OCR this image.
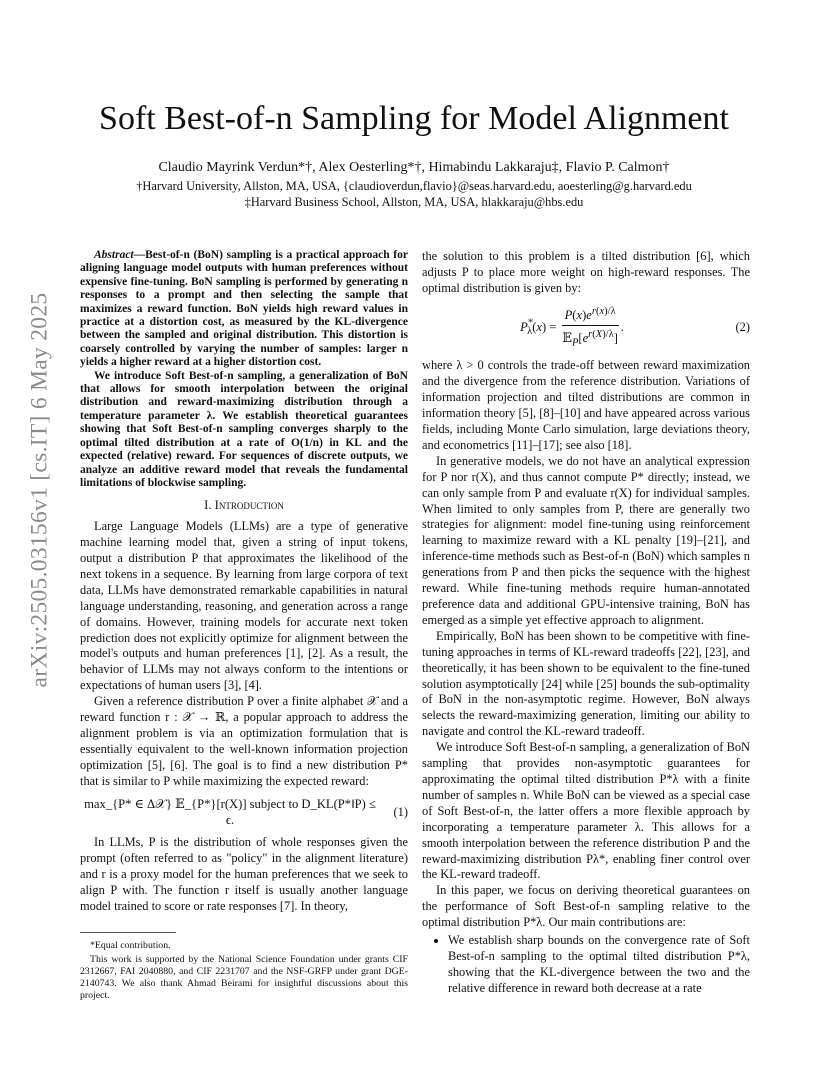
arXiv:2505.03156v1 [cs.IT] 6 May 2025
Soft Best-of-n Sampling for Model Alignment
Claudio Mayrink Verdun*†, Alex Oesterling*†, Himabindu Lakkaraju‡, Flavio P. Calmon†
†Harvard University, Allston, MA, USA, {claudioverdun,flavio}@seas.harvard.edu, aoesterling@g.harvard.edu
‡Harvard Business School, Allston, MA, USA, hlakkaraju@hbs.edu

Abstract—Best-of-n (BoN) sampling is a practical approach for aligning language model outputs with human preferences without expensive fine-tuning. BoN sampling is performed by generating n responses to a prompt and then selecting the sample that maximizes a reward function. BoN yields high reward values in practice at a distortion cost, as measured by the KL-divergence between the sampled and original distribution. This distortion is coarsely controlled by varying the number of samples: larger n yields a higher reward at a higher distortion cost.

We introduce Soft Best-of-n sampling, a generalization of BoN that allows for smooth interpolation between the original distribution and reward-maximizing distribution through a temperature parameter λ. We establish theoretical guarantees showing that Soft Best-of-n sampling converges sharply to the optimal tilted distribution at a rate of O(1/n) in KL and the expected (relative) reward. For sequences of discrete outputs, we analyze an additive reward model that reveals the fundamental limitations of blockwise sampling.

I. Introduction

Large Language Models (LLMs) are a type of generative machine learning model that, given a string of input tokens, output a distribution P that approximates the likelihood of the next tokens in a sequence. By learning from large corpora of text data, LLMs have demonstrated remarkable capabilities in natural language understanding, reasoning, and generation across a range of domains. However, training models for accurate next token prediction does not explicitly optimize for alignment between the model's outputs and human preferences [1], [2]. As a result, the behavior of LLMs may not always conform to the intentions or expectations of human users [3], [4].

Given a reference distribution P over a finite alphabet 𝒳 and a reward function r : 𝒳 → ℝ, a popular approach to address the alignment problem is via an optimization formulation that is essentially equivalent to the well-known information projection optimization [5], [6]. The goal is to find a new distribution P* that is similar to P while maximizing the expected reward:

max_{P* ∈ Δ𝒳} 𝔼_{P*}[r(X)] subject to D_KL(P*‖P) ≤ ϵ.
(1)

In LLMs, P is the distribution of whole responses given the prompt (often referred to as "policy" in the alignment literature) and r is a proxy model for the human preferences that we seek to align P with. The function r itself is usually another language model trained to score or rate responses [7]. In theory,

the solution to this problem is a tilted distribution [6], which adjusts P to place more weight on high-reward responses. The optimal distribution is given by:

$P^*_\lambda(x) = \frac{P(x)e^{r(x)/\lambda}}{𝔼_P[e^{r(X)/\lambda}]}$ .	(2)

where λ > 0 controls the trade-off between reward maximization and the divergence from the reference distribution. Variations of information projection and tilted distributions are common in information theory [5], [8]–[10] and have appeared across various fields, including Monte Carlo simulation, large deviations theory, and econometrics [11]–[17]; see also [18].

In generative models, we do not have an analytical expression for P nor r(X), and thus cannot compute P* directly; instead, we can only sample from P and evaluate r(X) for individual samples. When limited to only samples from P, there are generally two strategies for alignment: model fine-tuning using reinforcement learning to maximize reward with a KL penalty [19]–[21], and inference-time methods such as Best-of-n (BoN) which samples n generations from P and then picks the sequence with the highest reward. While fine-tuning methods require human-annotated preference data and additional GPU-intensive training, BoN has emerged as a simple yet effective approach to alignment.

Empirically, BoN has been shown to be competitive with fine-tuning approaches in terms of KL-reward tradeoffs [22], [23], and theoretically, it has been shown to be equivalent to the fine-tuned solution asymptotically [24] while [25] bounds the sub-optimality of BoN in the non-asymptotic regime. However, BoN always selects the reward-maximizing generation, limiting our ability to navigate and control the KL-reward tradeoff.

We introduce Soft Best-of-n sampling, a generalization of BoN sampling that provides non-asymptotic guarantees for approximating the optimal tilted distribution P*λ with a finite number of samples n. While BoN can be viewed as a special case of Soft Best-of-n, the latter offers a more flexible approach by incorporating a temperature parameter λ. This allows for a smooth interpolation between the reference distribution P and the reward-maximizing distribution Pλ*, enabling finer control over the KL-reward tradeoff.

In this paper, we focus on deriving theoretical guarantees on the performance of Soft Best-of-n sampling relative to the optimal distribution P*λ. Our main contributions are:

• We establish sharp bounds on the convergence rate of Soft Best-of-n sampling to the optimal tilted distribution P*λ, showing that the KL-divergence between the two and the relative difference in reward both decrease at a rate

*Equal contribution.

This work is supported by the National Science Foundation under grants CIF 2312667, FAI 2040880, and CIF 2231707 and the NSF-GRFP under grant DGE-2140743. We also thank Ahmad Beirami for insightful discussions about this project.
